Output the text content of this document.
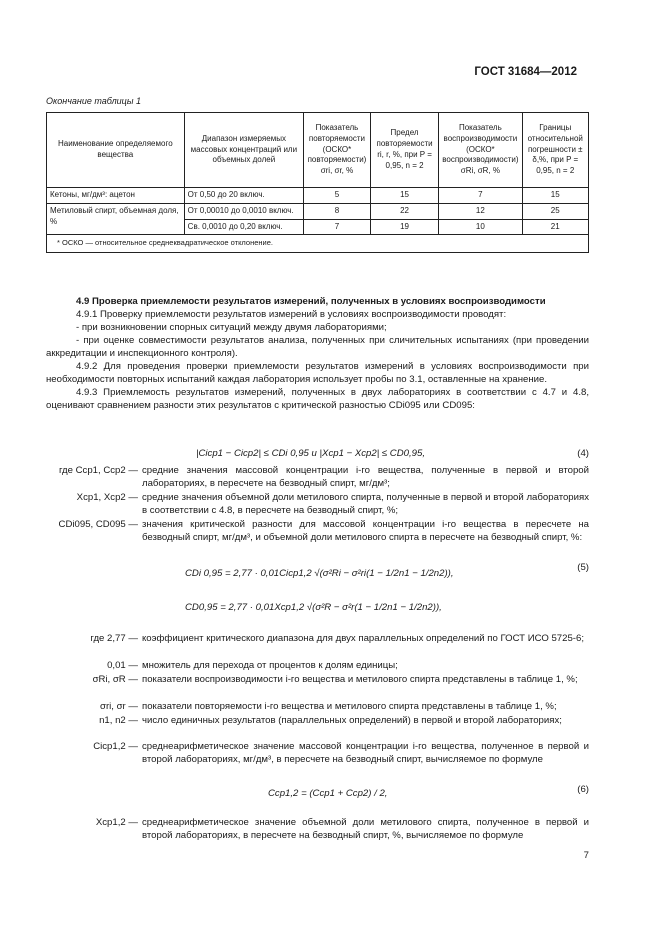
ГОСТ 31684—2012
Окончание таблицы 1
Наименование определяемого вещества	Диапазон измеряемых массовых концентраций или объемных долей	Показатель повторяемости (ОСКО* повторяемости) σri, σr, %	Предел повторяемости ri, r, %, при P = 0,95, n = 2	Показатель воспроизводимости (ОСКО* воспроизводимости) σRi, σR, %	Границы относительной погрешности ± δ,%, при P = 0,95, n = 2
Кетоны, мг/дм³: ацетон	От 0,50 до 20 включ.	5	15	7	15
Метиловый спирт, объемная доля, %	От 0,00010 до 0,0010 включ.	8	22	12	25
	Св. 0,0010 до 0,20 включ.	7	19	10	21
* ОСКО — относительное среднеквадратическое отклонение.					

4.9 Проверка приемлемости результатов измерений, полученных в условиях воспроизводимости

4.9.1 Проверку приемлемости результатов измерений в условиях воспроизводимости проводят:

- при возникновении спорных ситуаций между двумя лабораториями;

- при оценке совместимости результатов анализа, полученных при сличительных испытаниях (при проведении аккредитации и инспекционного контроля).

4.9.2 Для проведения проверки приемлемости результатов измерений в условиях воспроизводимости при необходимости повторных испытаний каждая лаборатория использует пробы по 3.1, оставленные на хранение.

4.9.3 Приемлемость результатов измерений, полученных в двух лабораториях в соответствии с 4.7 и 4.8, оценивают сравнением разности этих результатов с критической разностью CDi095 или CD095:

|Cicp1 − Cicp2| ≤ CDi 0,95 и |Xcp1 − Xcp2| ≤ CD0,95,	(4)
где Ccp1, Ccp2 — средние значения массовой концентрации i-го вещества, полученные в первой и второй лабораториях, в пересчете на безводный спирт, мг/дм³;
Xcp1, Xcp2 — средние значения объемной доли метилового спирта, полученные в первой и второй лабораториях в соответствии с 4.8, в пересчете на безводный спирт, %;
CDi095, CD095 — значения критической разности для массовой концентрации i-го вещества в пересчете на безводный спирт, мг/дм³, и объемной доли метилового спирта в пересчете на безводный спирт, %:
CDi 0,95 = 2,77 · 0,01Cicp1,2 √(σ²Ri − σ²ri(1 − 1/2n1 − 1/2n2)),
CD0,95 = 2,77 · 0,01Xcp1,2 √(σ²R − σ²r(1 − 1/2n1 − 1/2n2)),
(5)
где 2,77 — коэффициент критического диапазона для двух параллельных определений по ГОСТ ИСО 5725-6;
0,01 — множитель для перехода от процентов к долям единицы;
σRi, σR — показатели воспроизводимости i-го вещества и метилового спирта представлены в таблице 1, %;
σri, σr — показатели повторяемости i-го вещества и метилового спирта представлены в таблице 1, %;
n1, n2 — число единичных результатов (параллельных определений) в первой и второй лабораториях;
Cicp1,2 — среднеарифметическое значение массовой концентрации i-го вещества, полученное в первой и второй лабораториях, мг/дм³, в пересчете на безводный спирт, вычисляемое по формуле
Ccp1,2 = (Ccp1 + Ccp2) / 2,	(6)
Xcp1,2 — среднеарифметическое значение объемной доли метилового спирта, полученное в первой и второй лабораториях, в пересчете на безводный спирт, %, вычисляемое по формуле
7
